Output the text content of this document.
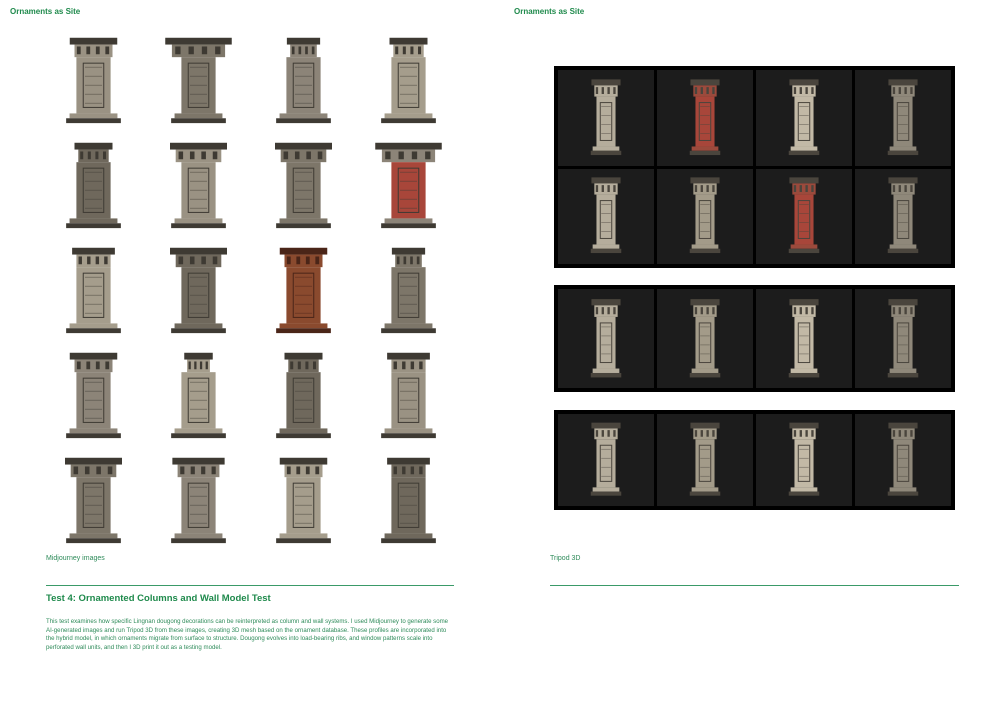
Ornaments as Site
Midjourney images
Test 4: Ornamented Columns and Wall Model Test
This test examines how specific Lingnan dougong decorations can be reinterpreted as column and wall systems. I used Midjourney to generate some AI-generated images and run Tripod 3D from these images, creating 3D mesh based on the ornament database. These profiles are incorporated into the hybrid model, in which ornaments migrate from surface to structure. Dougong evolves into load-bearing ribs, and window patterns scale into perforated wall units, and then I 3D print it out as a testing model.
Ornaments as Site
Tripod 3D
